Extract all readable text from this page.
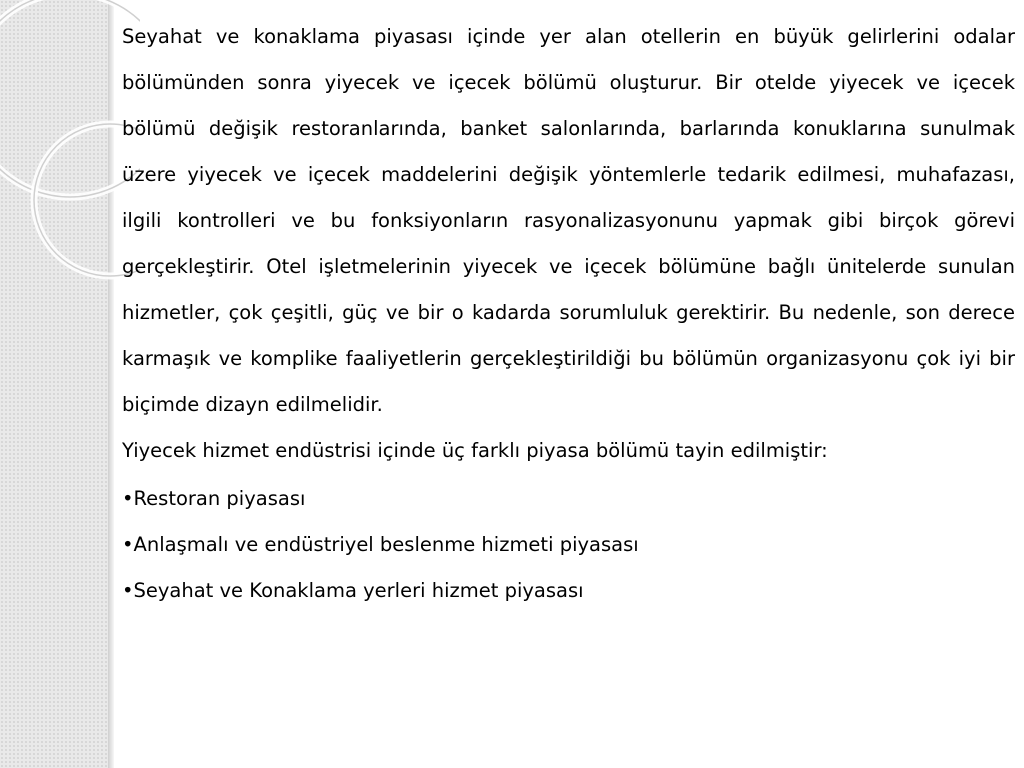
Seyahat ve konaklama piyasası içinde yer alan otellerin en büyük gelirlerini odalar bölümünden sonra yiyecek ve içecek bölümü oluşturur. Bir otelde yiyecek ve içecek bölümü değişik restoranlarında, banket salonlarında, barlarında konuklarına sunulmak üzere yiyecek ve içecek maddelerini değişik yöntemlerle tedarik edilmesi, muhafazası, ilgili kontrolleri ve bu fonksiyonların rasyonalizasyonunu yapmak gibi birçok görevi gerçekleştirir. Otel işletmelerinin yiyecek ve içecek bölümüne bağlı ünitelerde sunulan hizmetler, çok çeşitli, güç ve bir o kadarda sorumluluk gerektirir. Bu nedenle, son derece karmaşık ve komplike faaliyetlerin gerçekleştirildiği bu bölümün organizasyonu çok iyi bir biçimde dizayn edilmelidir.

Yiyecek hizmet endüstrisi içinde üç farklı piyasa bölümü tayin edilmiştir:

•Restoran piyasası
•Anlaşmalı ve endüstriyel beslenme hizmeti piyasası
•Seyahat ve Konaklama yerleri hizmet piyasası
